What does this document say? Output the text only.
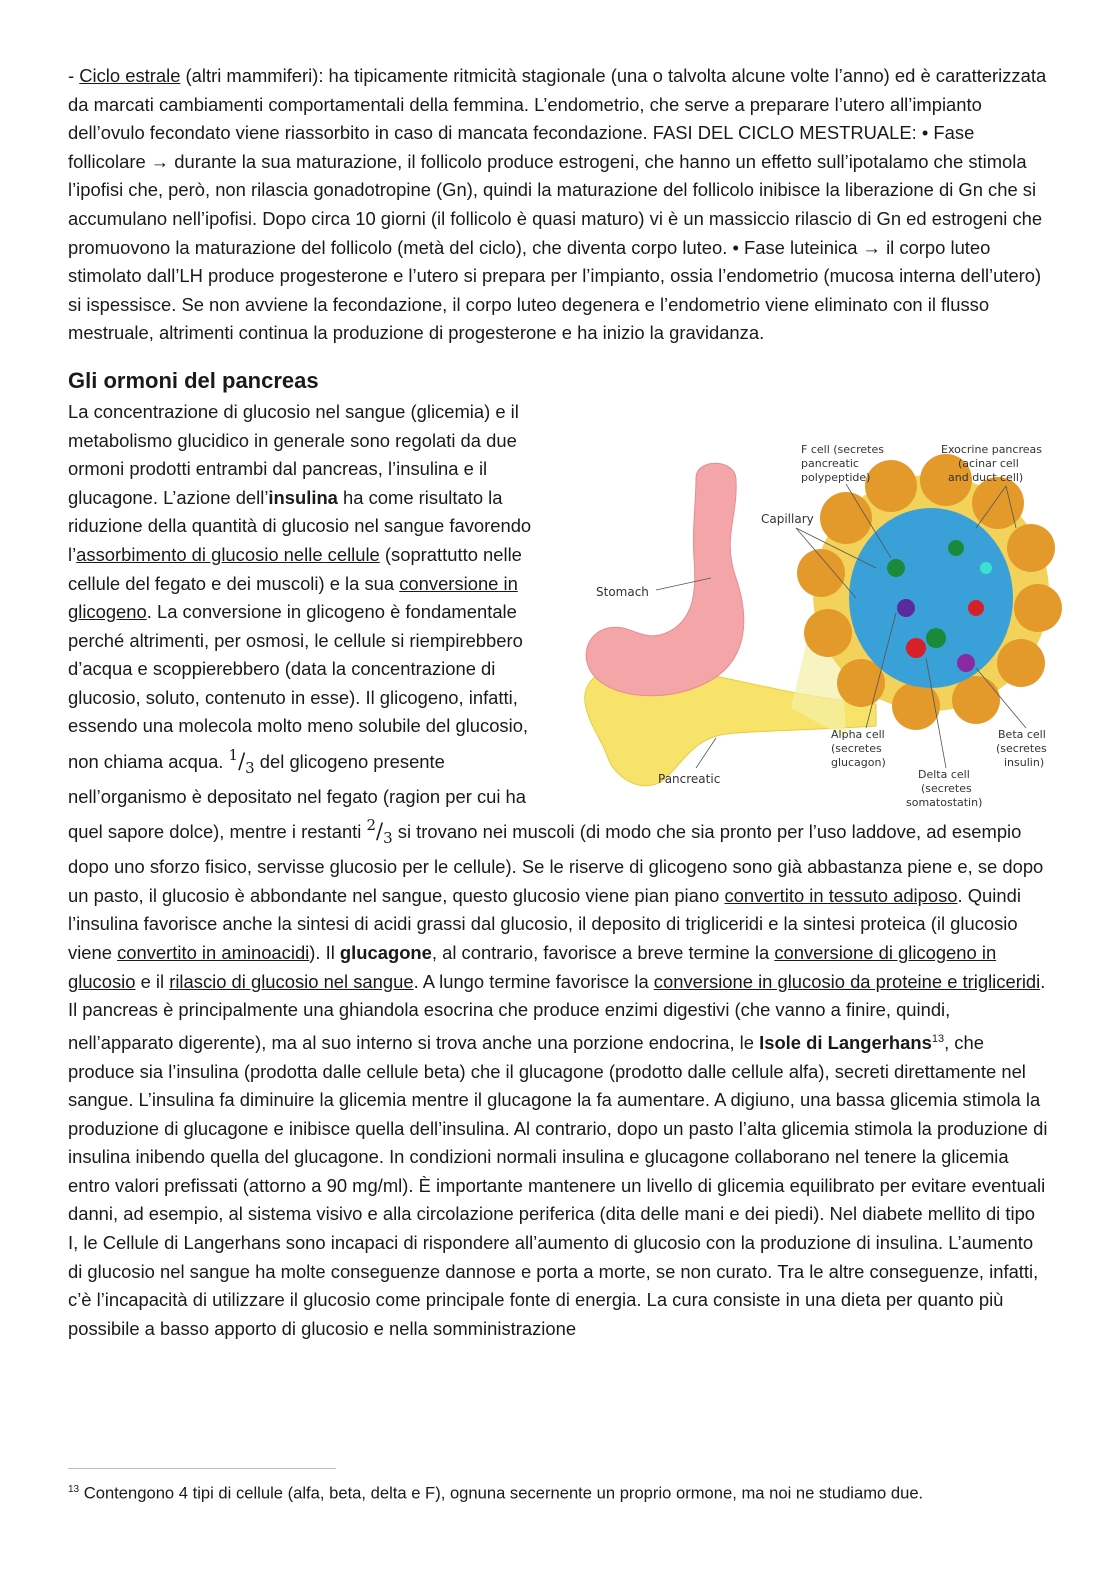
- Ciclo estrale (altri mammiferi): ha tipicamente ritmicità stagionale (una o talvolta alcune volte l’anno) ed è caratterizzata da marcati cambiamenti comportamentali della femmina. L’endometrio, che serve a preparare l’utero all’impianto dell’ovulo fecondato viene riassorbito in caso di mancata fecondazione. FASI DEL CICLO MESTRUALE: • Fase follicolare → durante la sua maturazione, il follicolo produce estrogeni, che hanno un effetto sull’ipotalamo che stimola l’ipofisi che, però, non rilascia gonadotropine (Gn), quindi la maturazione del follicolo inibisce la liberazione di Gn che si accumulano nell’ipofisi. Dopo circa 10 giorni (il follicolo è quasi maturo) vi è un massiccio rilascio di Gn ed estrogeni che promuovono la maturazione del follicolo (metà del ciclo), che diventa corpo luteo. • Fase luteinica → il corpo luteo stimolato dall’LH produce progesterone e l’utero si prepara per l’impianto, ossia l’endometrio (mucosa interna dell’utero) si ispessisce. Se non avviene la fecondazione, il corpo luteo degenera e l’endometrio viene eliminato con il flusso mestruale, altrimenti continua la produzione di progesterone e ha inizio la gravidanza.

Gli ormoni del pancreas

F cell (secretes
pancreatic
polypeptide)
Exocrine pancreas
(acinar cell
and duct cell)
Capillary
Stomach
Pancreatic
Alpha cell
(secretes
glucagon)
Beta cell
(secretes
insulin)
Delta cell
(secretes
somatostatin)
La concentrazione di glucosio nel sangue (glicemia) e il metabolismo glucidico in generale sono regolati da due ormoni prodotti entrambi dal pancreas, l’insulina e il glucagone. L’azione dell’insulina ha come risultato la riduzione della quantità di glucosio nel sangue favorendo l’assorbimento di glucosio nelle cellule (soprattutto nelle cellule del fegato e dei muscoli) e la sua conversione in glicogeno. La conversione in glicogeno è fondamentale perché altrimenti, per osmosi, le cellule si riempirebbero d’acqua e scoppierebbero (data la concentrazione di glucosio, soluto, contenuto in esse). Il glicogeno, infatti, essendo una molecola molto meno solubile del glucosio, non chiama acqua. $^1/_3$ del glicogeno presente nell’organismo è depositato nel fegato (ragion per cui ha quel sapore dolce), mentre i restanti $^2/_3$ si trovano nei muscoli (di modo che sia pronto per l’uso laddove, ad esempio dopo uno sforzo fisico, servisse glucosio per le cellule). Se le riserve di glicogeno sono già abbastanza piene e, se dopo un pasto, il glucosio è abbondante nel sangue, questo glucosio viene pian piano convertito in tessuto adiposo. Quindi l’insulina favorisce anche la sintesi di acidi grassi dal glucosio, il deposito di trigliceridi e la sintesi proteica (il glucosio viene convertito in aminoacidi). Il glucagone, al contrario, favorisce a breve termine la conversione di glicogeno in glucosio e il rilascio di glucosio nel sangue. A lungo termine favorisce la conversione in glucosio da proteine e trigliceridi.

Il pancreas è principalmente una ghiandola esocrina che produce enzimi digestivi (che vanno a finire, quindi, nell’apparato digerente), ma al suo interno si trova anche una porzione endocrina, le Isole di Langerhans$^{13}$, che produce sia l’insulina (prodotta dalle cellule beta) che il glucagone (prodotto dalle cellule alfa), secreti direttamente nel sangue. L’insulina fa diminuire la glicemia mentre il glucagone la fa aumentare. A digiuno, una bassa glicemia stimola la produzione di glucagone e inibisce quella dell’insulina. Al contrario, dopo un pasto l’alta glicemia stimola la produzione di insulina inibendo quella del glucagone. In condizioni normali insulina e glucagone collaborano nel tenere la glicemia entro valori prefissati (attorno a 90 mg/ml). È importante mantenere un livello di glicemia equilibrato per evitare eventuali danni, ad esempio, al sistema visivo e alla circolazione periferica (dita delle mani e dei piedi). Nel diabete mellito di tipo I, le Cellule di Langerhans sono incapaci di rispondere all’aumento di glucosio con la produzione di insulina. L’aumento di glucosio nel sangue ha molte conseguenze dannose e porta a morte, se non curato. Tra le altre conseguenze, infatti, c’è l’incapacità di utilizzare il glucosio come principale fonte di energia. La cura consiste in una dieta per quanto più possibile a basso apporto di glucosio e nella somministrazione

$^{13}$ Contengono 4 tipi di cellule (alfa, beta, delta e F), ognuna secernente un proprio ormone, ma noi ne studiamo due.
